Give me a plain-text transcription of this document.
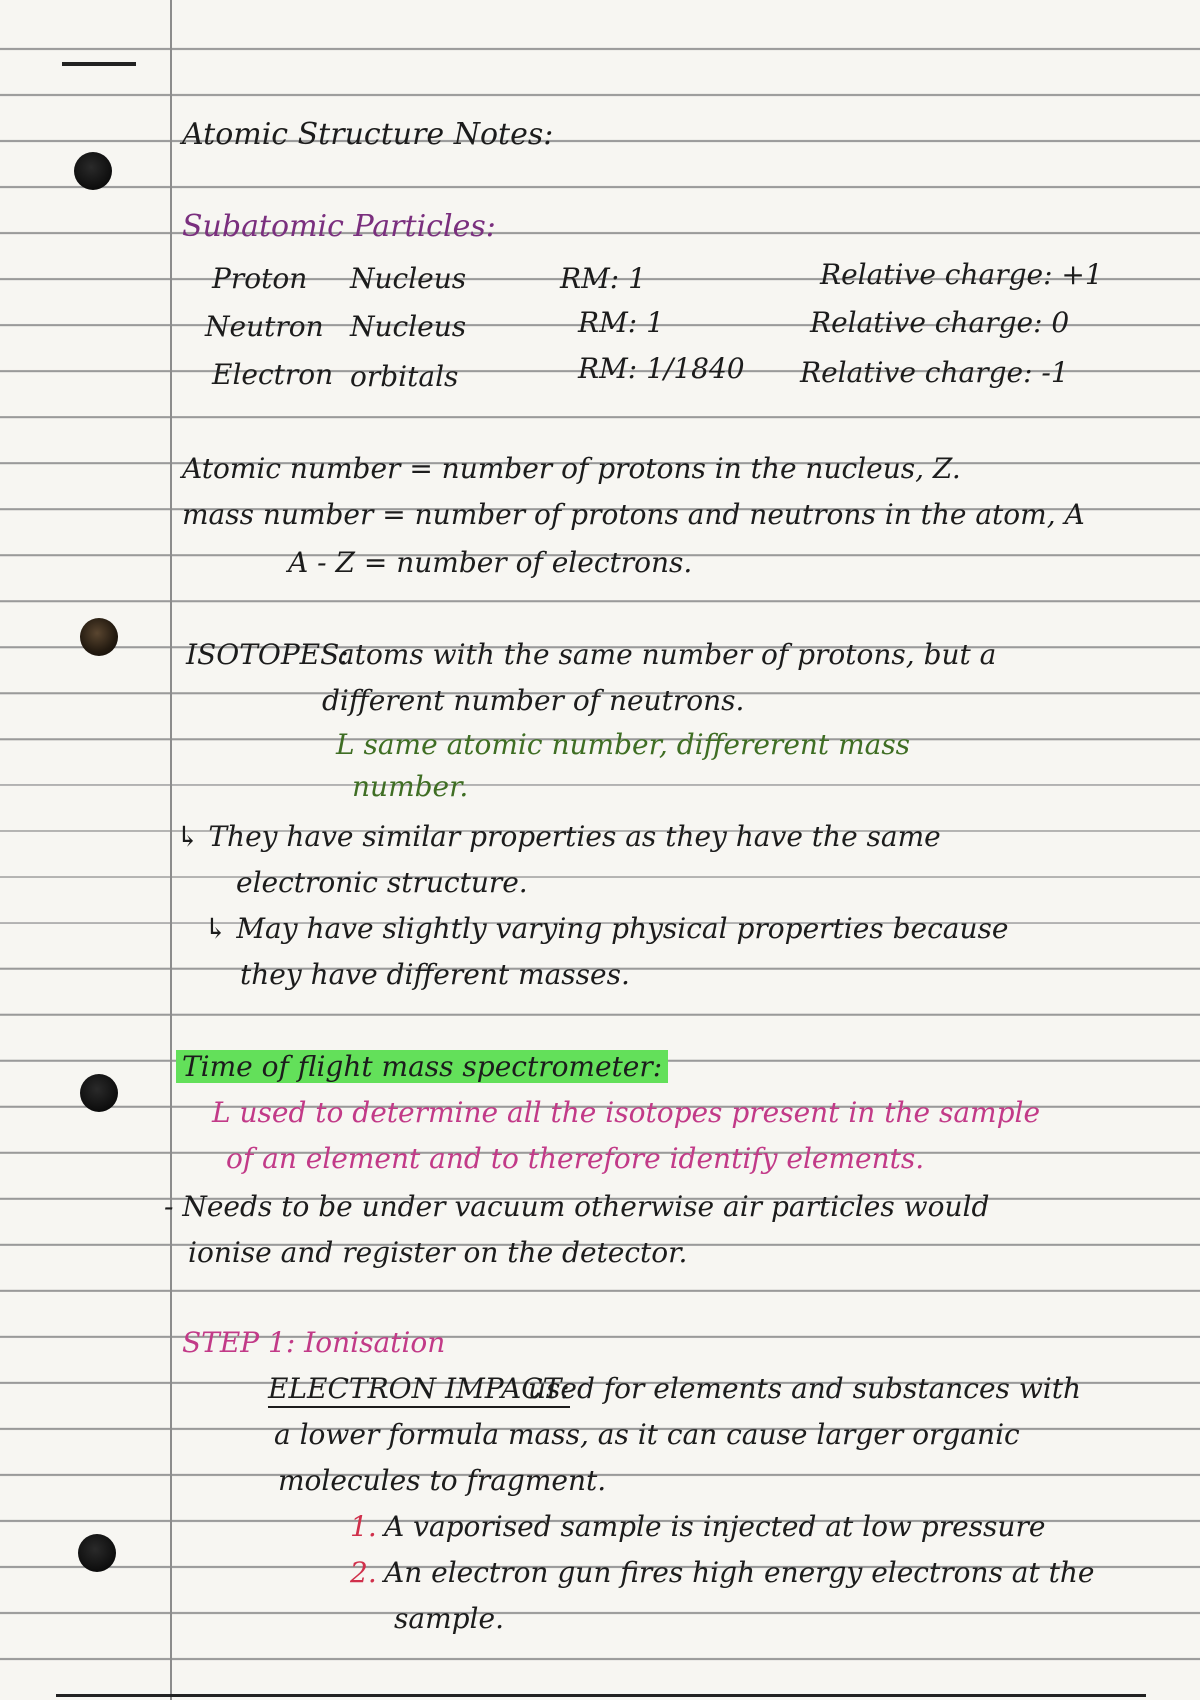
Atomic Structure Notes:

Subatomic Particles:

Proton Nucleus	RM: 1	Relative charge: +1

Neutron Nucleus	RM: 1	Relative charge: 0

Electron orbitals	RM: 1/1840 Relative charge: -1

Atomic number = number of protons in the nucleus, Z.

mass number = number of protons and neutrons in the atom, A

A - Z = number of electrons.

ISOTOPES:

atoms with the same number of protons, but a

different number of neutrons.

L same atomic number, differerent mass

number.

↳ They have similar properties as they have the same

electronic structure.

↳ May have slightly varying physical properties because

they have different masses.

Time of flight mass spectrometer:

L used to determine all the isotopes present in the sample

of an element and to therefore identify elements.

- Needs to be under vacuum otherwise air particles would

ionise and register on the detector.

STEP 1: Ionisation

ELECTRON IMPACT:

used for elements and substances with

a lower formula mass, as it can cause larger organic

molecules to fragment.

1. A vaporised sample is injected at low pressure

2. An electron gun fires high energy electrons at the

sample.
